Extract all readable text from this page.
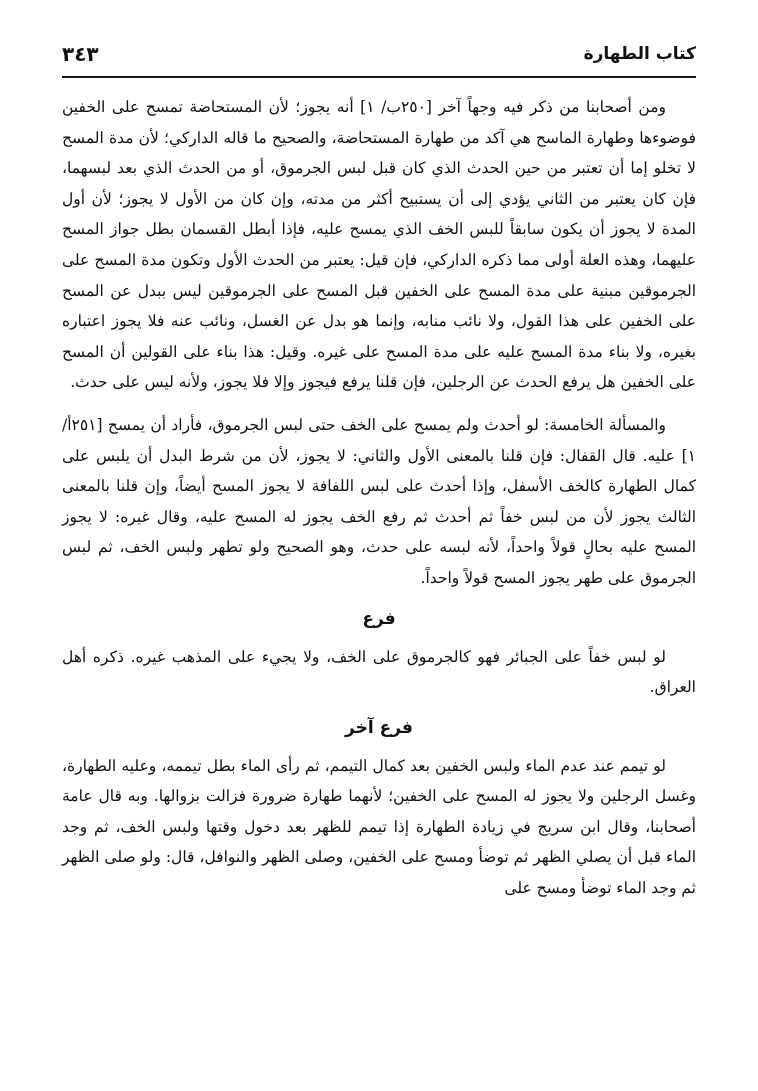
كتاب الطهارة
٣٤٣

ومن أصحابنا من ذكر فيه وجهاً آخر [٢٥٠ب/ ١] أنه يجوز؛ لأن المستحاضة تمسح على الخفين فوضوءها وطهارة الماسح هي آكد من طهارة المستحاضة، والصحيح ما قاله الداركي؛ لأن مدة المسح لا تخلو إما أن تعتبر من حين الحدث الذي كان قبل لبس الجرموق، أو من الحدث الذي بعد لبسهما، فإن كان يعتبر من الثاني يؤدي إلى أن يستبيح أكثر من مدته، وإن كان من الأول لا يجوز؛ لأن أول المدة لا يجوز أن يكون سابقاً للبس الخف الذي يمسح عليه، فإذا أبطل القسمان بطل جواز المسح عليهما، وهذه العلة أولى مما ذكره الداركي، فإن قيل: يعتبر من الحدث الأول وتكون مدة المسح على الجرموقين مبنية على مدة المسح على الخفين قبل المسح على الجرموقين ليس ببدل عن المسح على الخفين على هذا القول، ولا نائب منابه، وإنما هو بدل عن الغسل، ونائب عنه فلا يجوز اعتباره بغيره، ولا بناء مدة المسح عليه على مدة المسح على غيره. وقيل: هذا بناء على القولين أن المسح على الخفين هل يرفع الحدث عن الرجلين، فإن قلنا يرفع فيجوز وإلا فلا يجوز، ولأنه ليس على حدث.

والمسألة الخامسة: لو أحدث ولم يمسح على الخف حتى لبس الجرموق، فأراد أن يمسح [٢٥١أ/ ١] عليه. قال القفال: فإن قلنا بالمعنى الأول والثاني: لا يجوز، لأن من شرط البدل أن يلبس على كمال الطهارة كالخف الأسفل، وإذا أحدث على لبس اللفافة لا يجوز المسح أيضاً، وإن قلنا بالمعنى الثالث يجوز لأن من لبس خفاً ثم أحدث ثم رفع الخف يجوز له المسح عليه، وقال غيره: لا يجوز المسح عليه بحالٍ قولاً واحداً، لأنه لبسه على حدث، وهو الصحيح ولو تطهر ولبس الخف، ثم لبس الجرموق على طهر يجوز المسح قولاً واحداً.

فرع

لو لبس خفاً على الجبائر فهو كالجرموق على الخف، ولا يجيء على المذهب غيره. ذكره أهل العراق.

فرع آخر

لو تيمم عند عدم الماء ولبس الخفين بعد كمال التيمم، ثم رأى الماء بطل تيممه، وعليه الطهارة، وغسل الرجلين ولا يجوز له المسح على الخفين؛ لأنهما طهارة ضرورة فزالت بزوالها. وبه قال عامة أصحابنا، وقال ابن سريج في زيادة الطهارة إذا تيمم للظهر بعد دخول وقتها ولبس الخف، ثم وجد الماء قبل أن يصلي الظهر ثم توضأ ومسح على الخفين، وصلى الظهر والنوافل، قال: ولو صلى الظهر ثم وجد الماء توضأ ومسح على
